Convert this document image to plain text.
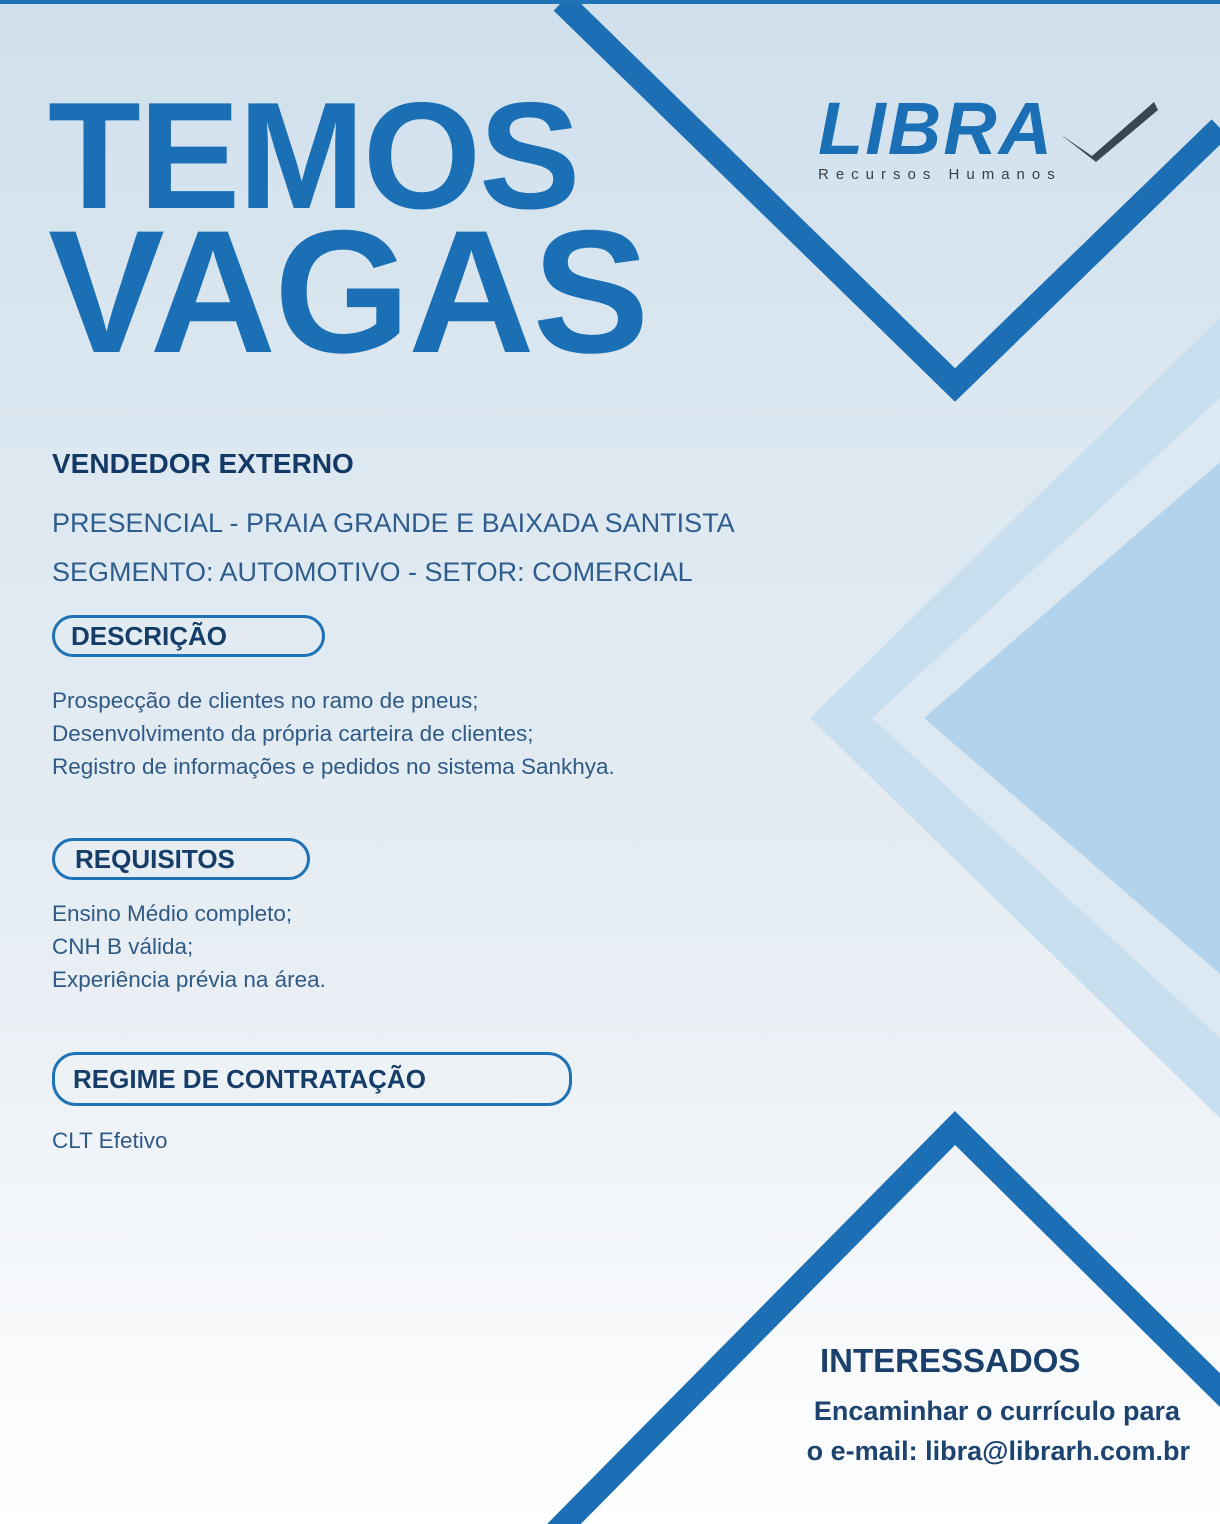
TEMOS
VAGAS
LIBRA
Recursos Humanos
VENDEDOR EXTERNO
PRESENCIAL - PRAIA GRANDE E BAIXADA SANTISTA
SEGMENTO: AUTOMOTIVO - SETOR: COMERCIAL
DESCRIÇÃO
Prospecção de clientes no ramo de pneus;
Desenvolvimento da própria carteira de clientes;
Registro de informações e pedidos no sistema Sankhya.
REQUISITOS
Ensino Médio completo;
CNH B válida;
Experiência prévia na área.
REGIME DE CONTRATAÇÃO
CLT Efetivo
INTERESSADOS
Encaminhar o currículo para
o e-mail: libra@librarh.com.br
